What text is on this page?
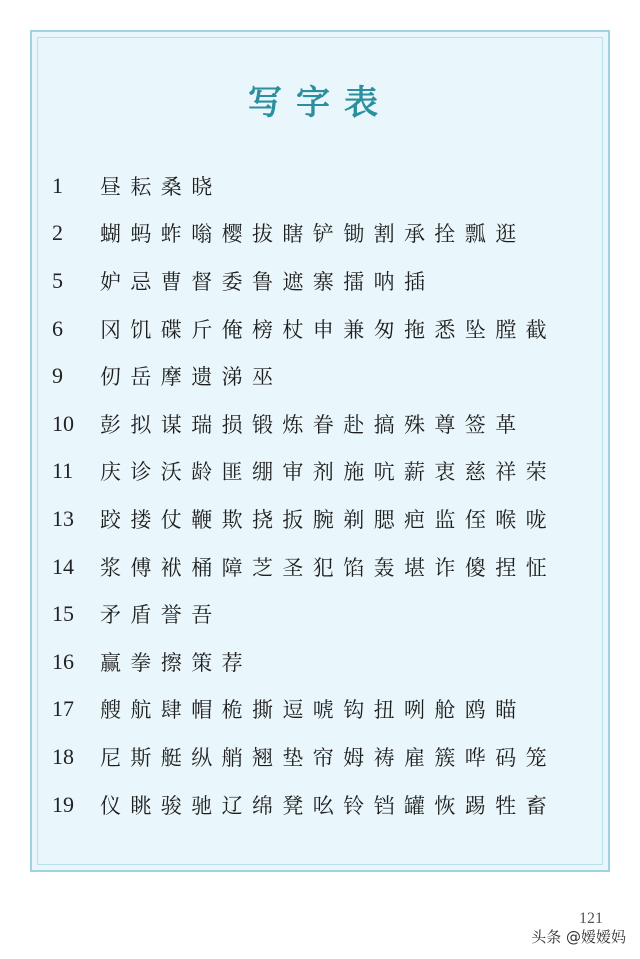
写字表
1	昼耘桑晓
2	蝴蚂蚱嗡樱拔瞎铲锄割承拴瓢逛
5	妒忌曹督委鲁遮寨擂呐插
6	冈饥碟斤俺榜杖申兼匆拖悉坠膛截
9	仞岳摩遗涕巫
10	彭拟谋瑞损锻炼眷赴搞殊尊签革
11	庆诊沃龄匪绷审剂施吭薪衷慈祥荣
13	跤搂仗鞭欺挠扳腕剃腮疤监侄喉咙
14	浆傅袱桶障芝圣犯馅轰堪诈傻捏怔
15	矛盾誉吾
16	赢拳擦策荐
17	艘航肆帽桅撕逗唬钩扭咧舱鸥瞄
18	尼斯艇纵艄翘垫帘姆祷雇簇哗码笼
19	仪眺骏驰辽绵凳吆铃铛罐恢踢牲畜
121
头条 @嫒嫒妈
